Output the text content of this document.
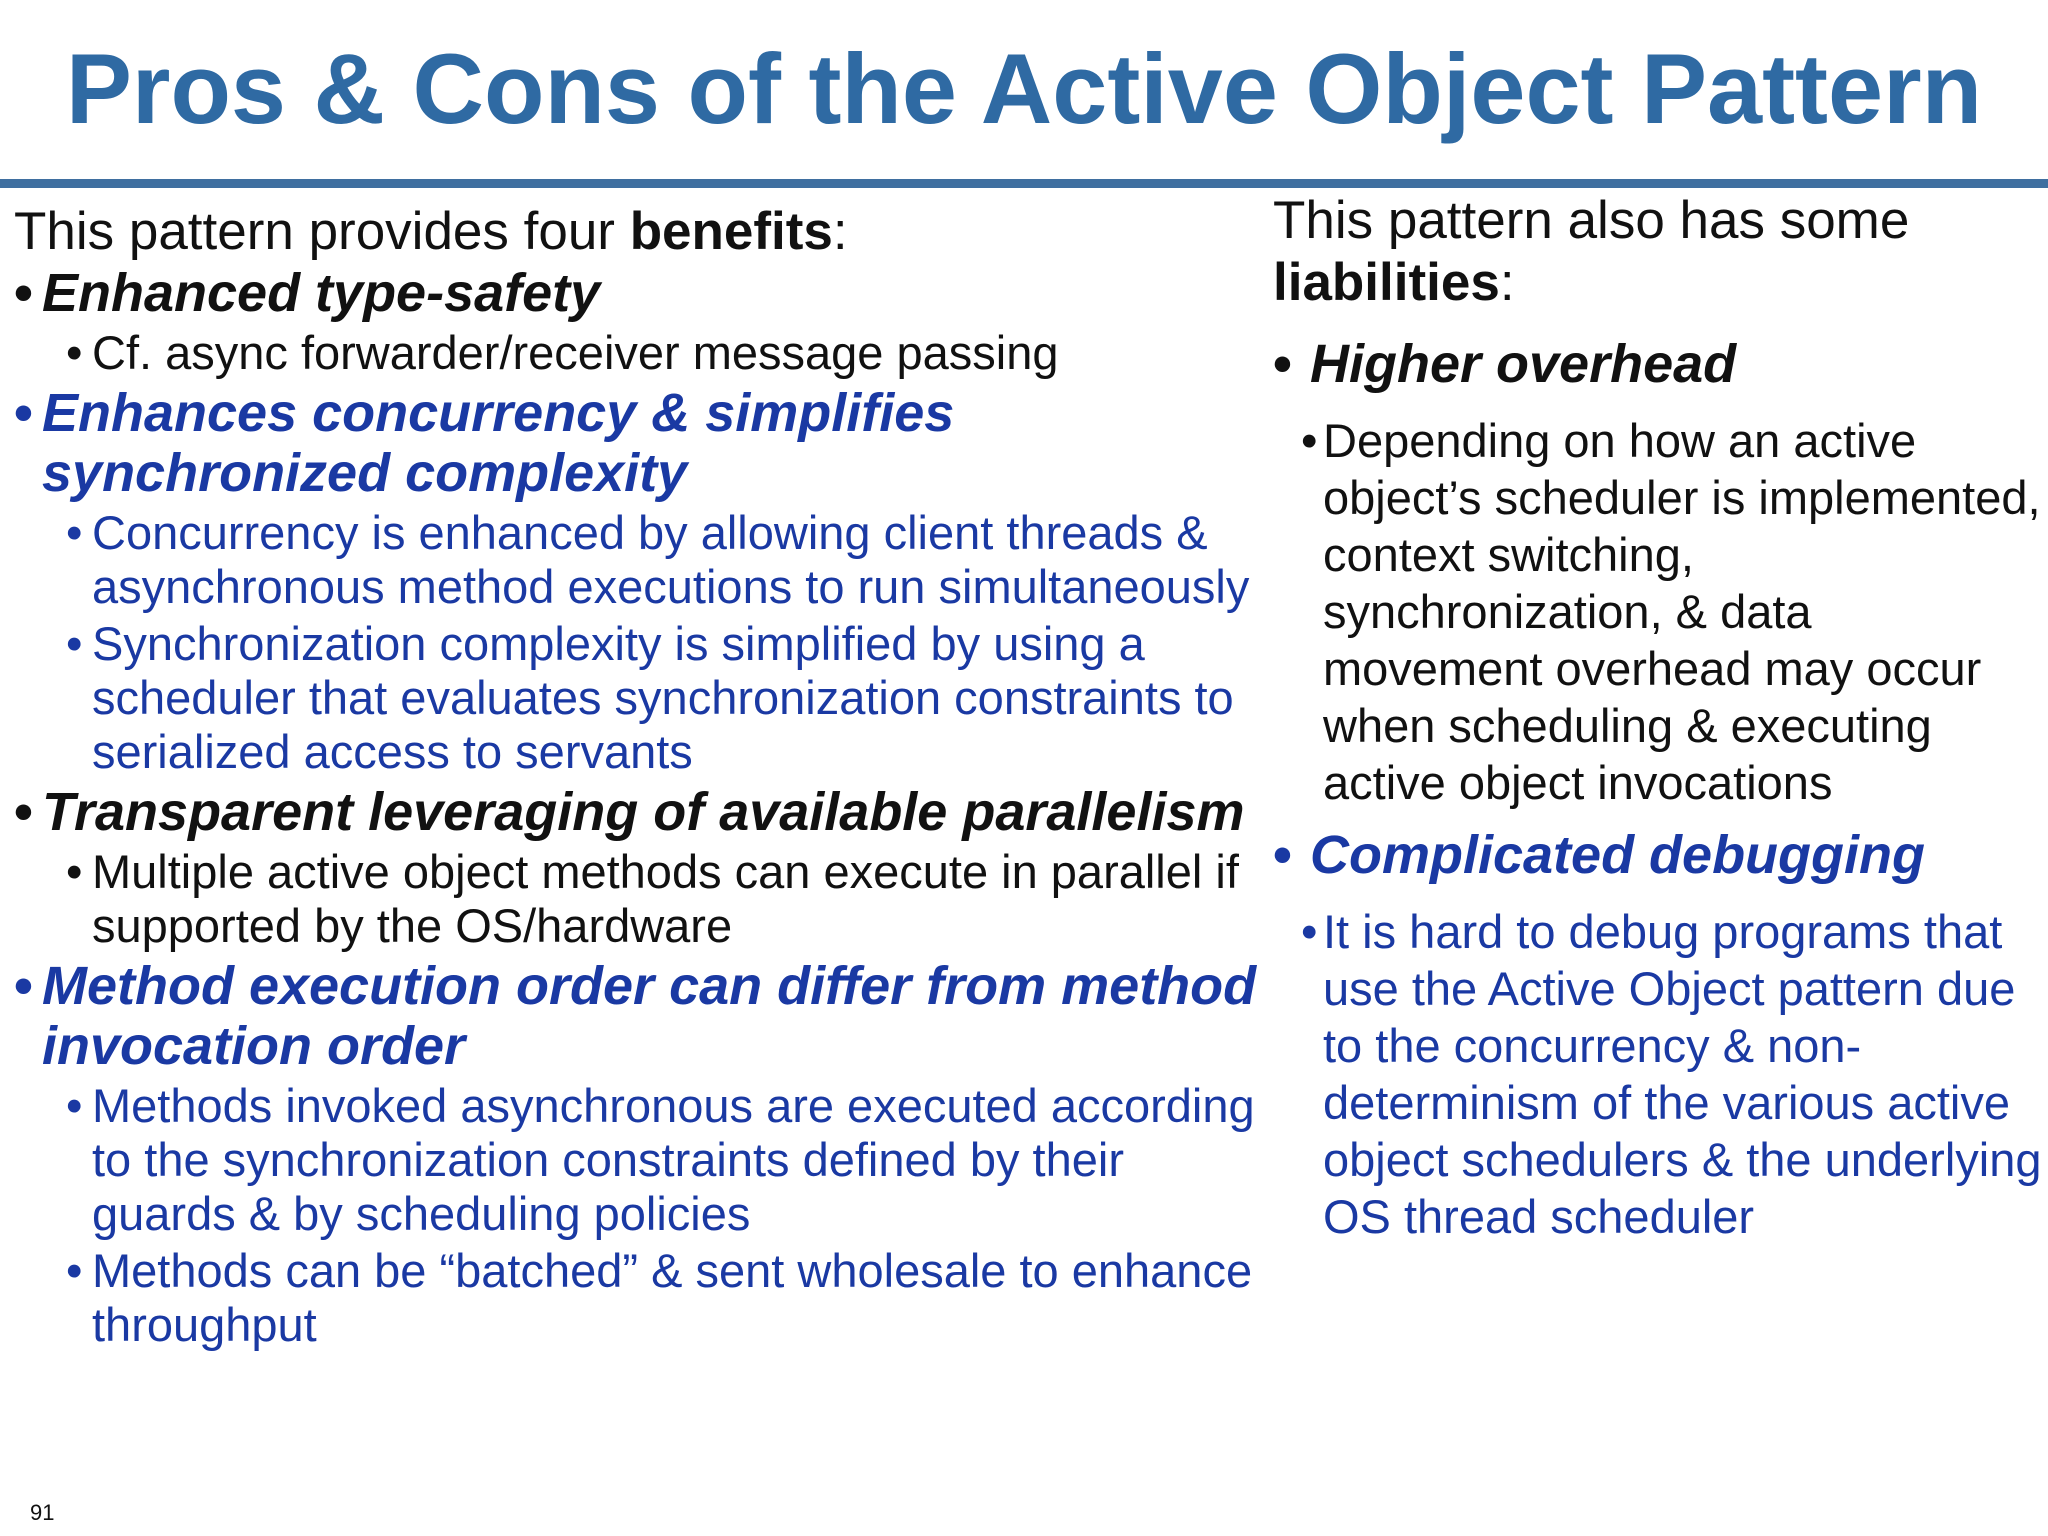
Pros & Cons of the Active Object Pattern

This pattern provides four benefits:

• Enhanced type-safety
• Cf. async forwarder/receiver message passing
• Enhances concurrency & simplifies synchronized complexity
• Concurrency is enhanced by allowing client threads & asynchronous method executions to run simultaneously
• Synchronization complexity is simplified by using a scheduler that evaluates synchronization constraints to serialized access to servants
• Transparent leveraging of available parallelism
• Multiple active object methods can execute in parallel if supported by the OS/hardware
• Method execution order can differ from method invocation order
• Methods invoked asynchronous are executed according to the synchronization constraints defined by their guards & by scheduling policies
• Methods can be “batched” & sent wholesale to enhance throughput

This pattern also has some liabilities:

• Higher overhead
• Depending on how an active object’s scheduler is implemented, context switching, synchronization, & data movement overhead may occur when scheduling & executing active object invocations
• Complicated debugging
• It is hard to debug programs that use the Active Object pattern due to the concurrency & non-determinism of the various active object schedulers & the underlying OS thread scheduler
91
